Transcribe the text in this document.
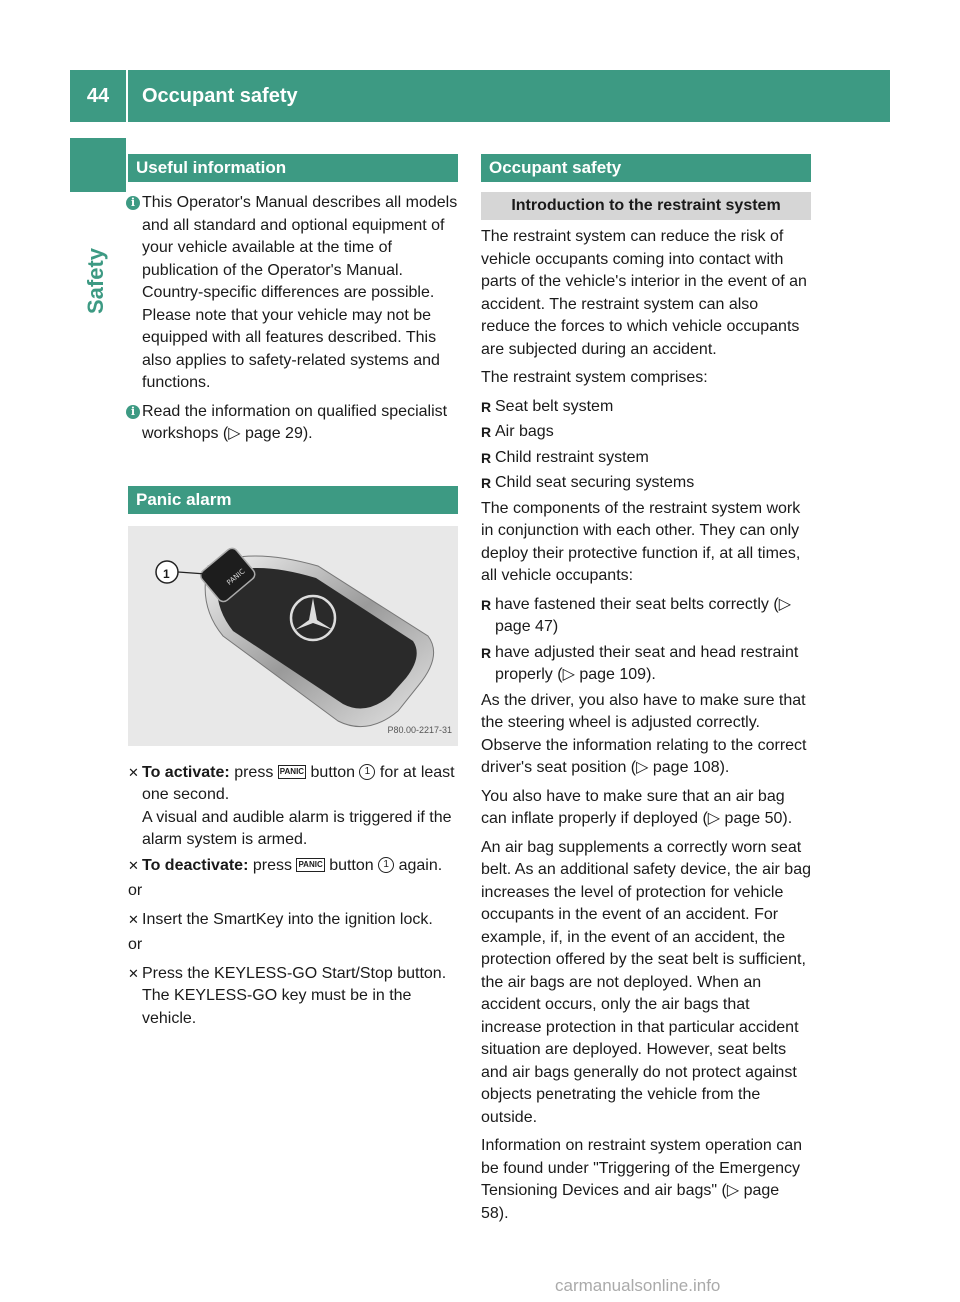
44	Occupant safety
Safety
Useful information
i This Operator's Manual describes all models and all standard and optional equipment of your vehicle available at the time of publication of the Operator's Manual. Country-specific differences are possible. Please note that your vehicle may not be equipped with all features described. This also applies to safety-related systems and functions.
i Read the information on qualified specialist workshops (▷ page 29).
Panic alarm
PANIC
1
P80.00-2217-31
✕ To activate: press PANIC button 1 for at least one second.
A visual and audible alarm is triggered if the alarm system is armed.
✕ To deactivate: press PANIC button 1 again.

or

✕ Insert the SmartKey into the ignition lock.

or

✕ Press the KEYLESS-GO Start/Stop button.
The KEYLESS-GO key must be in the vehicle.
Occupant safety
Introduction to the restraint system

The restraint system can reduce the risk of vehicle occupants coming into contact with parts of the vehicle's interior in the event of an accident. The restraint system can also reduce the forces to which vehicle occupants are subjected during an accident.

The restraint system comprises:

R Seat belt system
R Air bags
R Child restraint system
R Child seat securing systems

The components of the restraint system work in conjunction with each other. They can only deploy their protective function if, at all times, all vehicle occupants:

R have fastened their seat belts correctly (▷ page 47)
R have adjusted their seat and head restraint properly (▷ page 109).

As the driver, you also have to make sure that the steering wheel is adjusted correctly. Observe the information relating to the correct driver's seat position (▷ page 108).

You also have to make sure that an air bag can inflate properly if deployed (▷ page 50).

An air bag supplements a correctly worn seat belt. As an additional safety device, the air bag increases the level of protection for vehicle occupants in the event of an accident. For example, if, in the event of an accident, the protection offered by the seat belt is sufficient, the air bags are not deployed. When an accident occurs, only the air bags that increase protection in that particular accident situation are deployed. However, seat belts and air bags generally do not protect against objects penetrating the vehicle from the outside.

Information on restraint system operation can be found under "Triggering of the Emergency Tensioning Devices and air bags" (▷ page 58).

carmanualsonline.info
